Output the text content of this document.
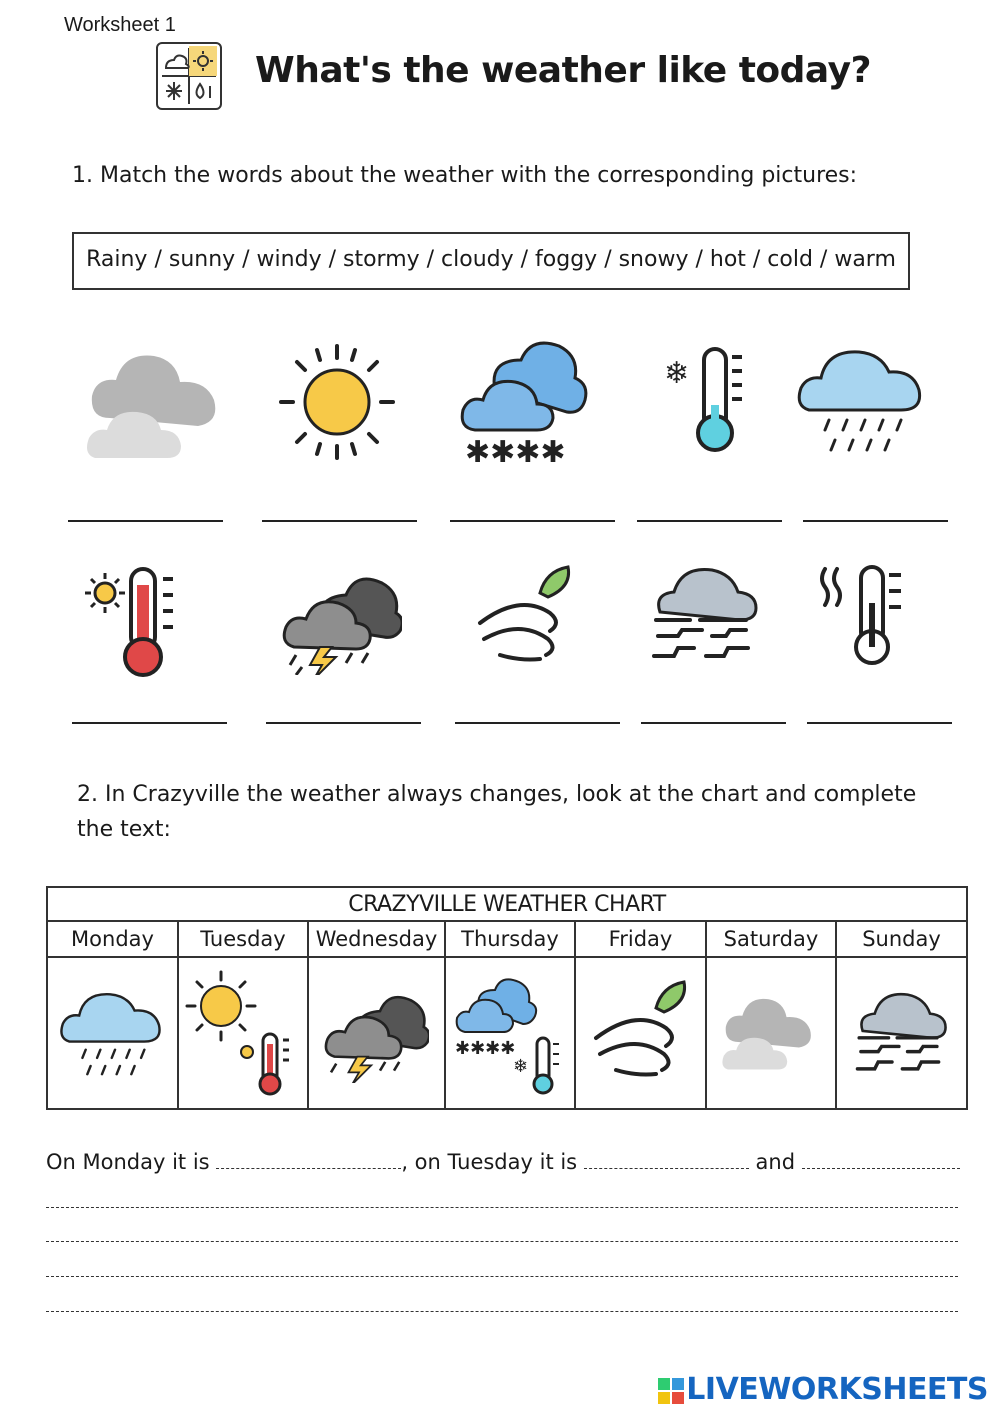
Worksheet 1
What's the weather like today?
1. Match the words about the weather with the corresponding pictures:
Rainy / sunny / windy / stormy / cloudy / foggy / snowy / hot / cold / warm
✱✱✱✱
❄
2. In Crazyville the weather always changes, look at the chart and complete the text:
CRAZYVILLE WEATHER CHART						
Monday	Tuesday	Wednesday	Thursday	Friday	Saturday	Sunday

✱✱✱✱
❄

On Monday it is	, on Tuesday it is	and
LIVEWORKSHEETS
